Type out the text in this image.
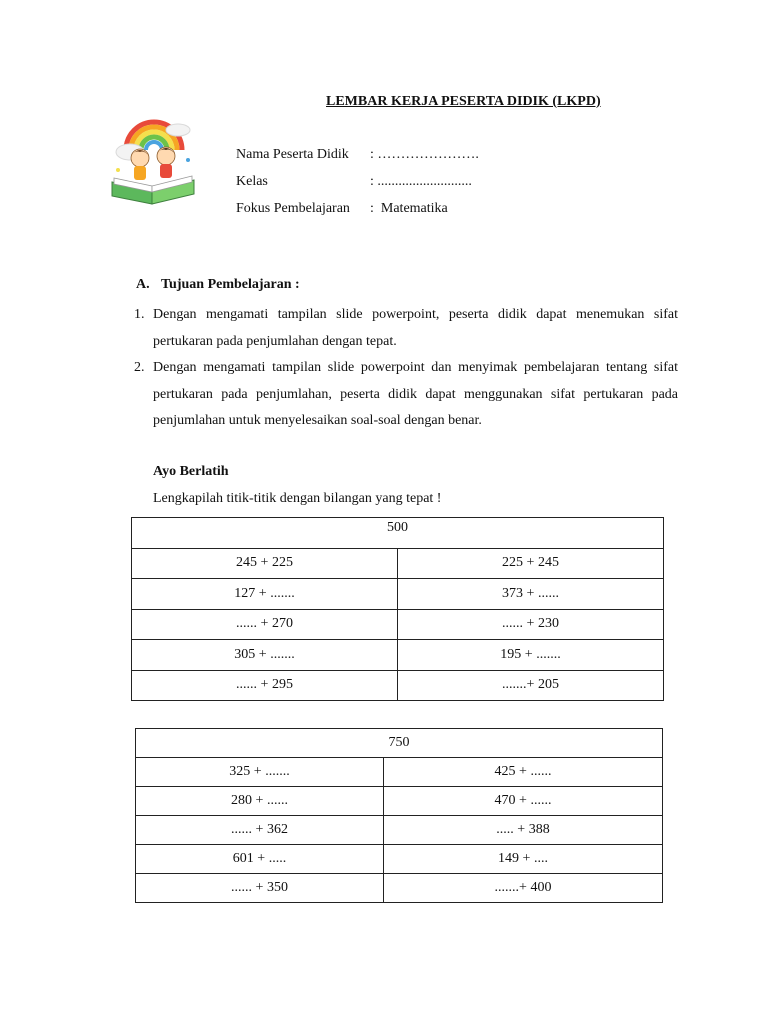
LEMBAR KERJA PESERTA DIDIK (LKPD)
Nama Peserta Didik : ………………….
Kelas	: ...........................
Fokus Pembelajaran : Matematika
A. Tujuan Pembelajaran :
1. Dengan mengamati tampilan slide powerpoint, peserta didik dapat menemukan sifat pertukaran pada penjumlahan dengan tepat.
2. Dengan mengamati tampilan slide powerpoint dan menyimak pembelajaran tentang sifat pertukaran pada penjumlahan, peserta didik dapat menggunakan sifat pertukaran pada penjumlahan untuk menyelesaikan soal-soal dengan benar.
Ayo Berlatih
Lengkapilah titik-titik dengan bilangan yang tepat !
500	
245 + 225	225 + 245
127 + .......	373 + ......
...... + 270	...... + 230
305 + .......	195 + .......
...... + 295	.......+ 205
750	
325 + .......	425 + ......
280 + ......	470 + ......
...... + 362	..... + 388
601 + .....	149 + ....
...... + 350	.......+ 400
